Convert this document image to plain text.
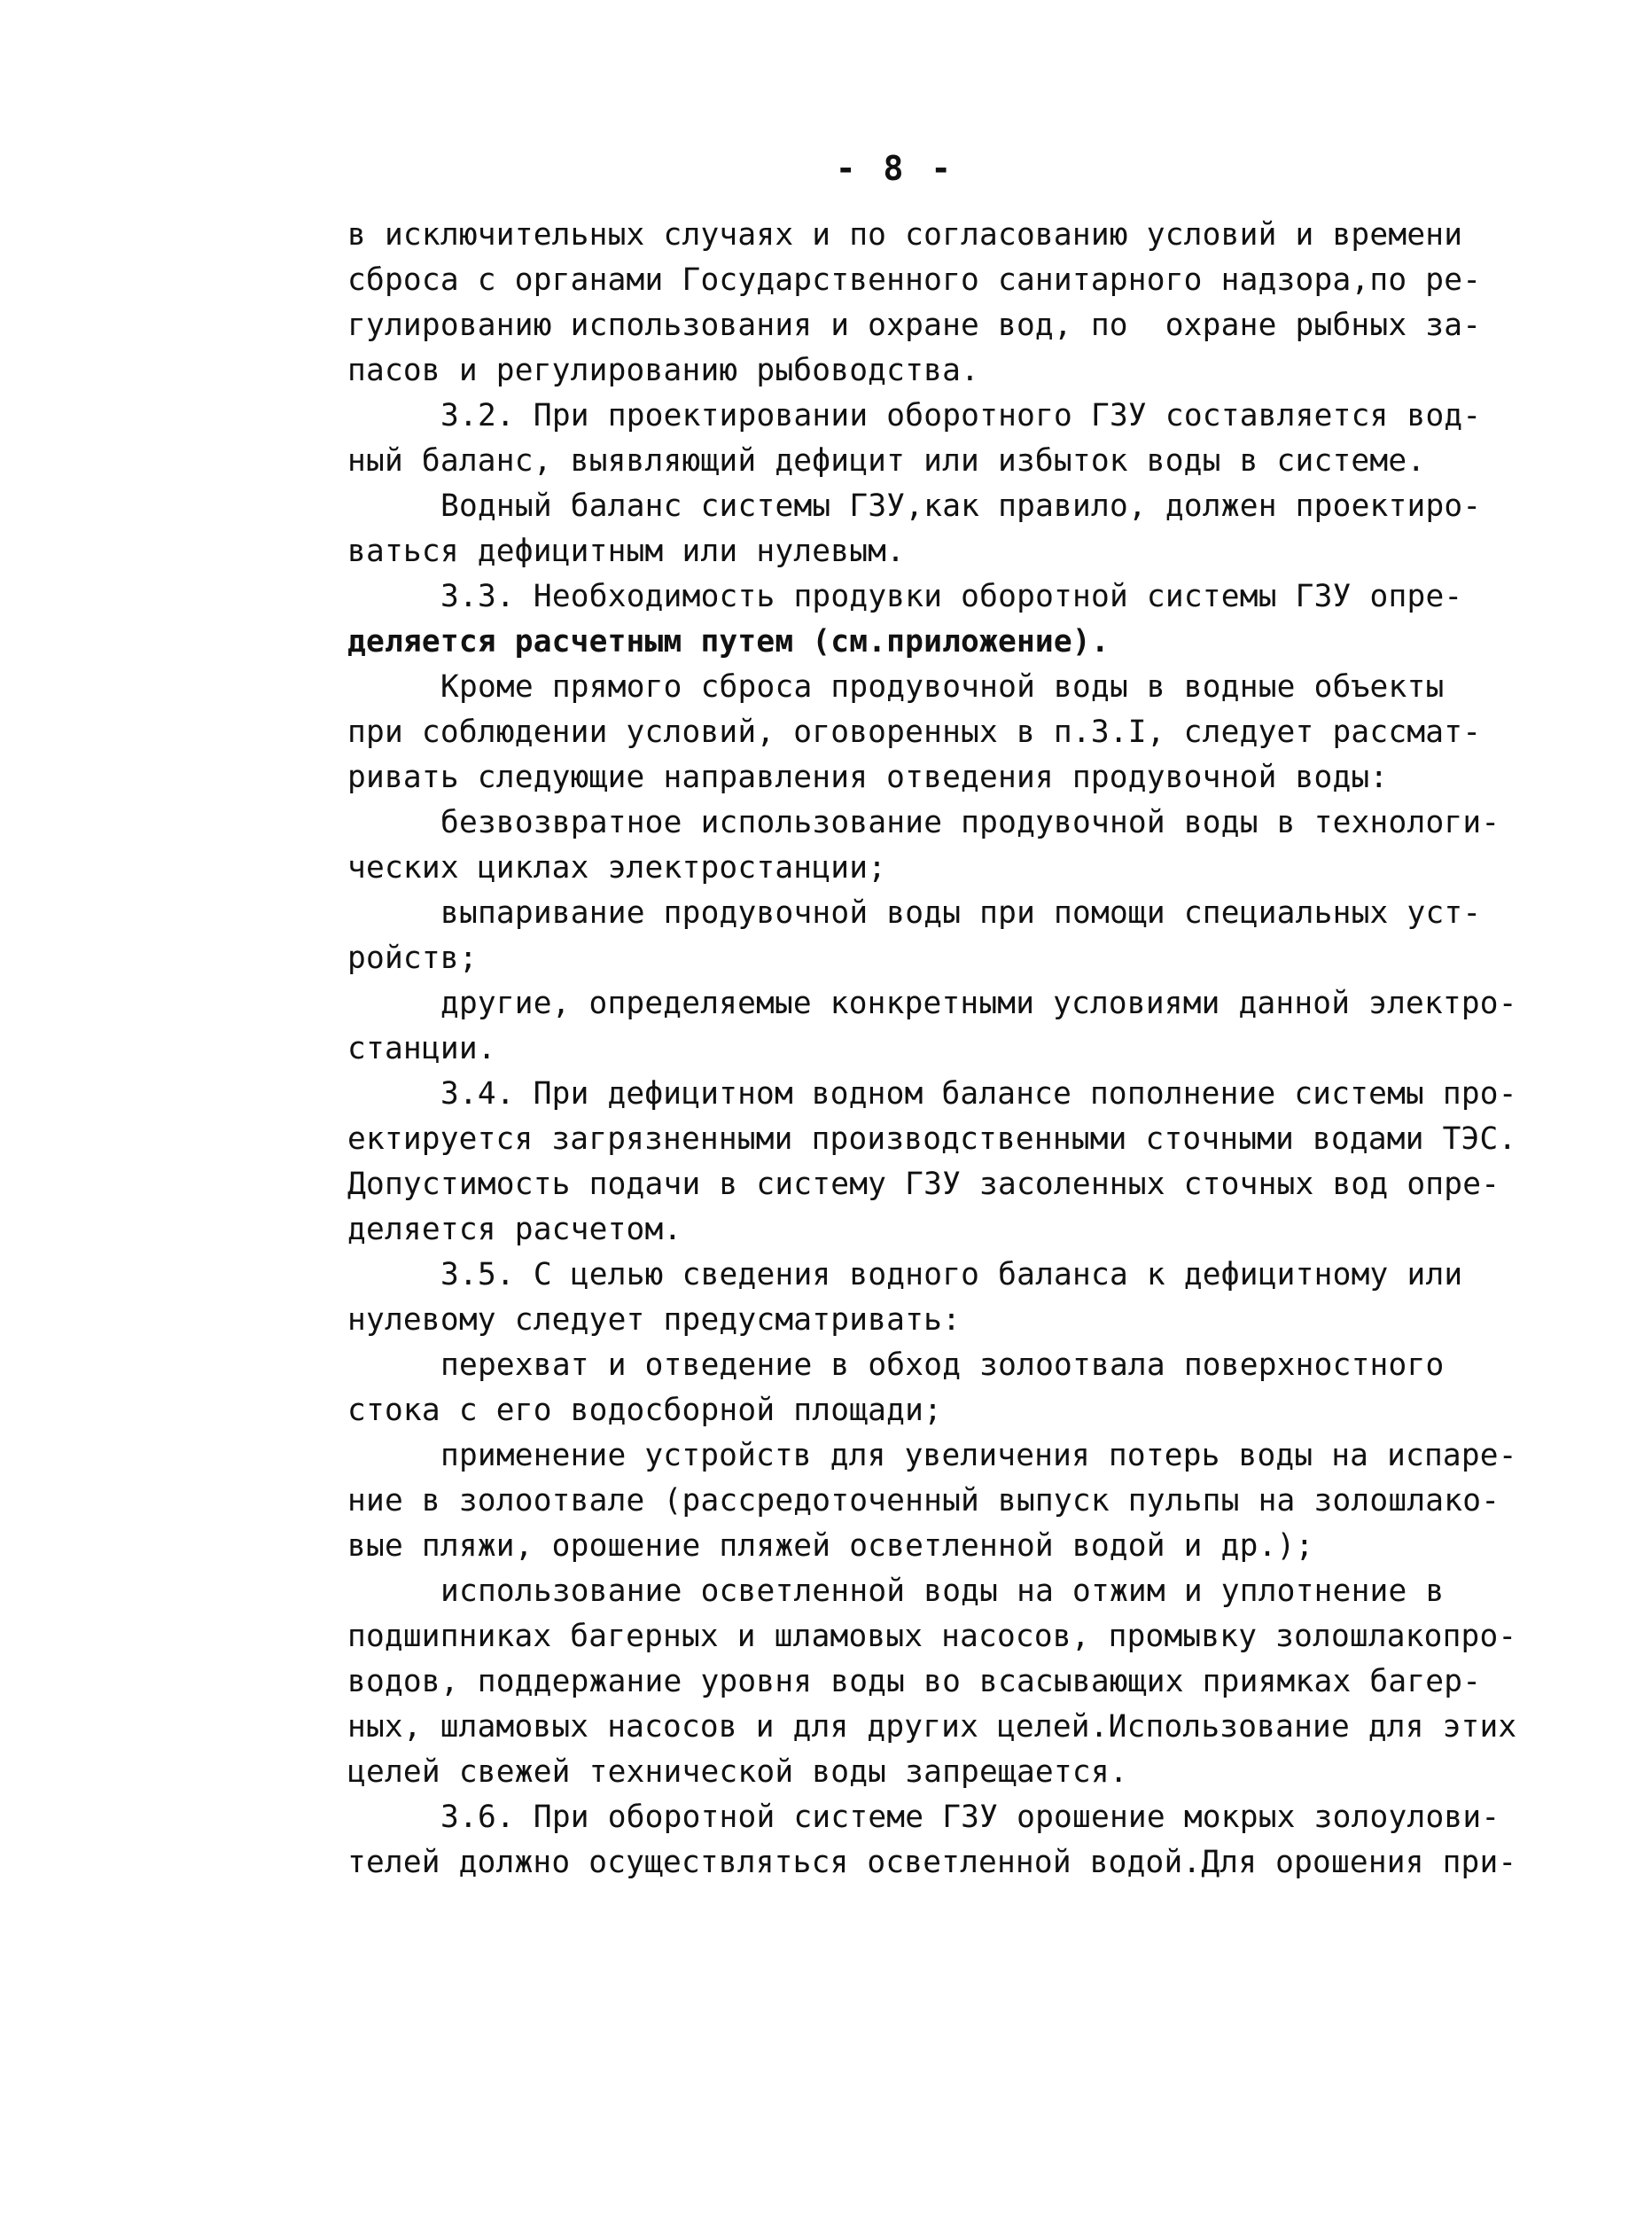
- 8 -
в исключительных случаях и по согласованию условий и времени
сброса с органами Государственного санитарного надзора,по ре-
гулированию использования и охране вод, по  охране рыбных за-
пасов и регулированию рыбоводства.
3.2. При проектировании оборотного ГЗУ составляется вод-
ный баланс, выявляющий дефицит или избыток воды в системе.
Водный баланс системы ГЗУ,как правило, должен проектиро-
ваться дефицитным или нулевым.
3.3. Необходимость продувки оборотной системы ГЗУ опре-
деляется расчетным путем (см.приложение).
Кроме прямого сброса продувочной воды в водные объекты
при соблюдении условий, оговоренных в п.3.I, следует рассмат-
ривать следующие направления отведения продувочной воды:
безвозвратное использование продувочной воды в технологи-
ческих циклах электростанции;
выпаривание продувочной воды при помощи специальных уст-
ройств;
другие, определяемые конкретными условиями данной электро-
станции.
3.4. При дефицитном водном балансе пополнение системы про-
ектируется загрязненными производственными сточными водами ТЭС.
Допустимость подачи в систему ГЗУ засоленных сточных вод опре-
деляется расчетом.
3.5. С целью сведения водного баланса к дефицитному или
нулевому следует предусматривать:
перехват и отведение в обход золоотвала поверхностного
стока с его водосборной площади;
применение устройств для увеличения потерь воды на испаре-
ние в золоотвале (рассредоточенный выпуск пульпы на золошлако-
вые пляжи, орошение пляжей осветленной водой и др.);
использование осветленной воды на отжим и уплотнение в
подшипниках багерных и шламовых насосов, промывку золошлакопро-
водов, поддержание уровня воды во всасывающих приямках багер-
ных, шламовых насосов и для других целей.Использование для этих
целей свежей технической воды запрещается.
3.6. При оборотной системе ГЗУ орошение мокрых золоулови-
телей должно осуществляться осветленной водой.Для орошения при-
